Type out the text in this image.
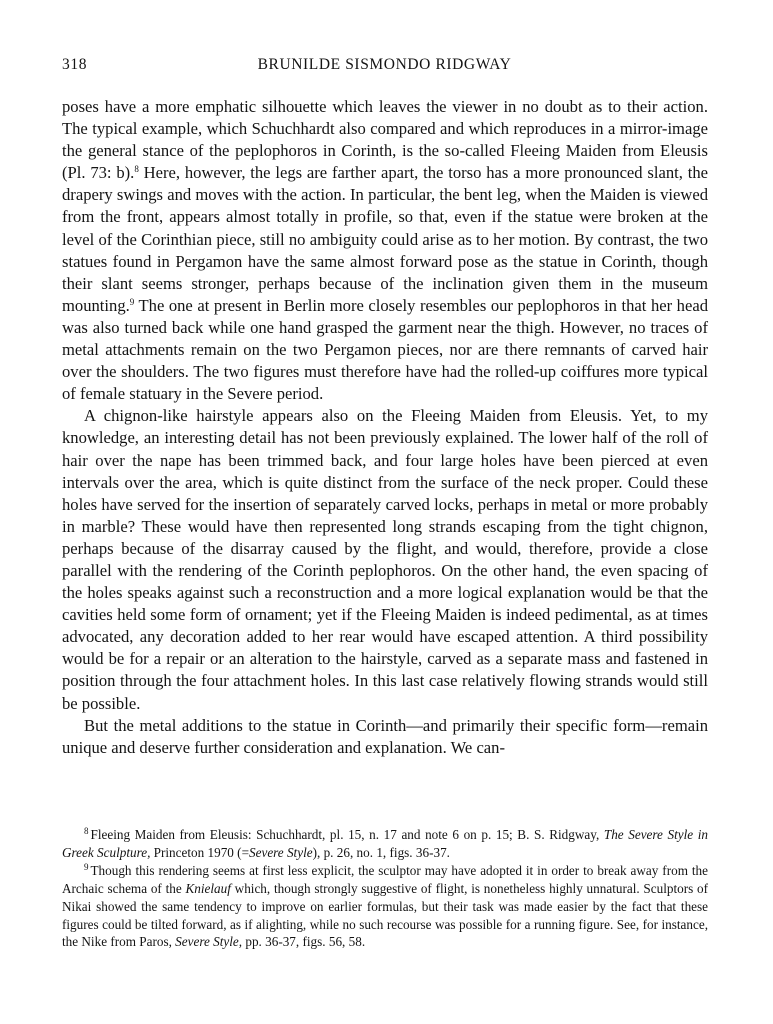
318	BRUNILDE SISMONDO RIDGWAY

poses have a more emphatic silhouette which leaves the viewer in no doubt as to their action. The typical example, which Schuchhardt also compared and which reproduces in a mirror-image the general stance of the peplophoros in Corinth, is the so-called Fleeing Maiden from Eleusis (Pl. 73: b).$^8$ Here, however, the legs are farther apart, the torso has a more pronounced slant, the drapery swings and moves with the action. In particular, the bent leg, when the Maiden is viewed from the front, appears almost totally in profile, so that, even if the statue were broken at the level of the Corinthian piece, still no ambiguity could arise as to her motion. By contrast, the two statues found in Pergamon have the same almost forward pose as the statue in Corinth, though their slant seems stronger, perhaps because of the inclination given them in the museum mounting.$^9$ The one at present in Berlin more closely resembles our peplophoros in that her head was also turned back while one hand grasped the garment near the thigh. However, no traces of metal attachments remain on the two Pergamon pieces, nor are there remnants of carved hair over the shoulders. The two figures must therefore have had the rolled-up coiffures more typical of female statuary in the Severe period.

A chignon-like hairstyle appears also on the Fleeing Maiden from Eleusis. Yet, to my knowledge, an interesting detail has not been previously explained. The lower half of the roll of hair over the nape has been trimmed back, and four large holes have been pierced at even intervals over the area, which is quite distinct from the surface of the neck proper. Could these holes have served for the insertion of separately carved locks, perhaps in metal or more probably in marble? These would have then represented long strands escaping from the tight chignon, perhaps because of the disarray caused by the flight, and would, therefore, provide a close parallel with the rendering of the Corinth peplophoros. On the other hand, the even spacing of the holes speaks against such a reconstruction and a more logical explanation would be that the cavities held some form of ornament; yet if the Fleeing Maiden is indeed pedimental, as at times advocated, any decoration added to her rear would have escaped attention. A third possibility would be for a repair or an alteration to the hairstyle, carved as a separate mass and fastened in position through the four attachment holes. In this last case relatively flowing strands would still be possible.

But the metal additions to the statue in Corinth—and primarily their specific form—remain unique and deserve further consideration and explanation. We can-

$^8$ Fleeing Maiden from Eleusis: Schuchhardt, pl. 15, n. 17 and note 6 on p. 15; B. S. Ridgway, The Severe Style in Greek Sculpture, Princeton 1970 (=Severe Style), p. 26, no. 1, figs. 36-37.

$^9$ Though this rendering seems at first less explicit, the sculptor may have adopted it in order to break away from the Archaic schema of the Knielauf which, though strongly suggestive of flight, is nonetheless highly unnatural. Sculptors of Nikai showed the same tendency to improve on earlier formulas, but their task was made easier by the fact that these figures could be tilted forward, as if alighting, while no such recourse was possible for a running figure. See, for instance, the Nike from Paros, Severe Style, pp. 36-37, figs. 56, 58.
